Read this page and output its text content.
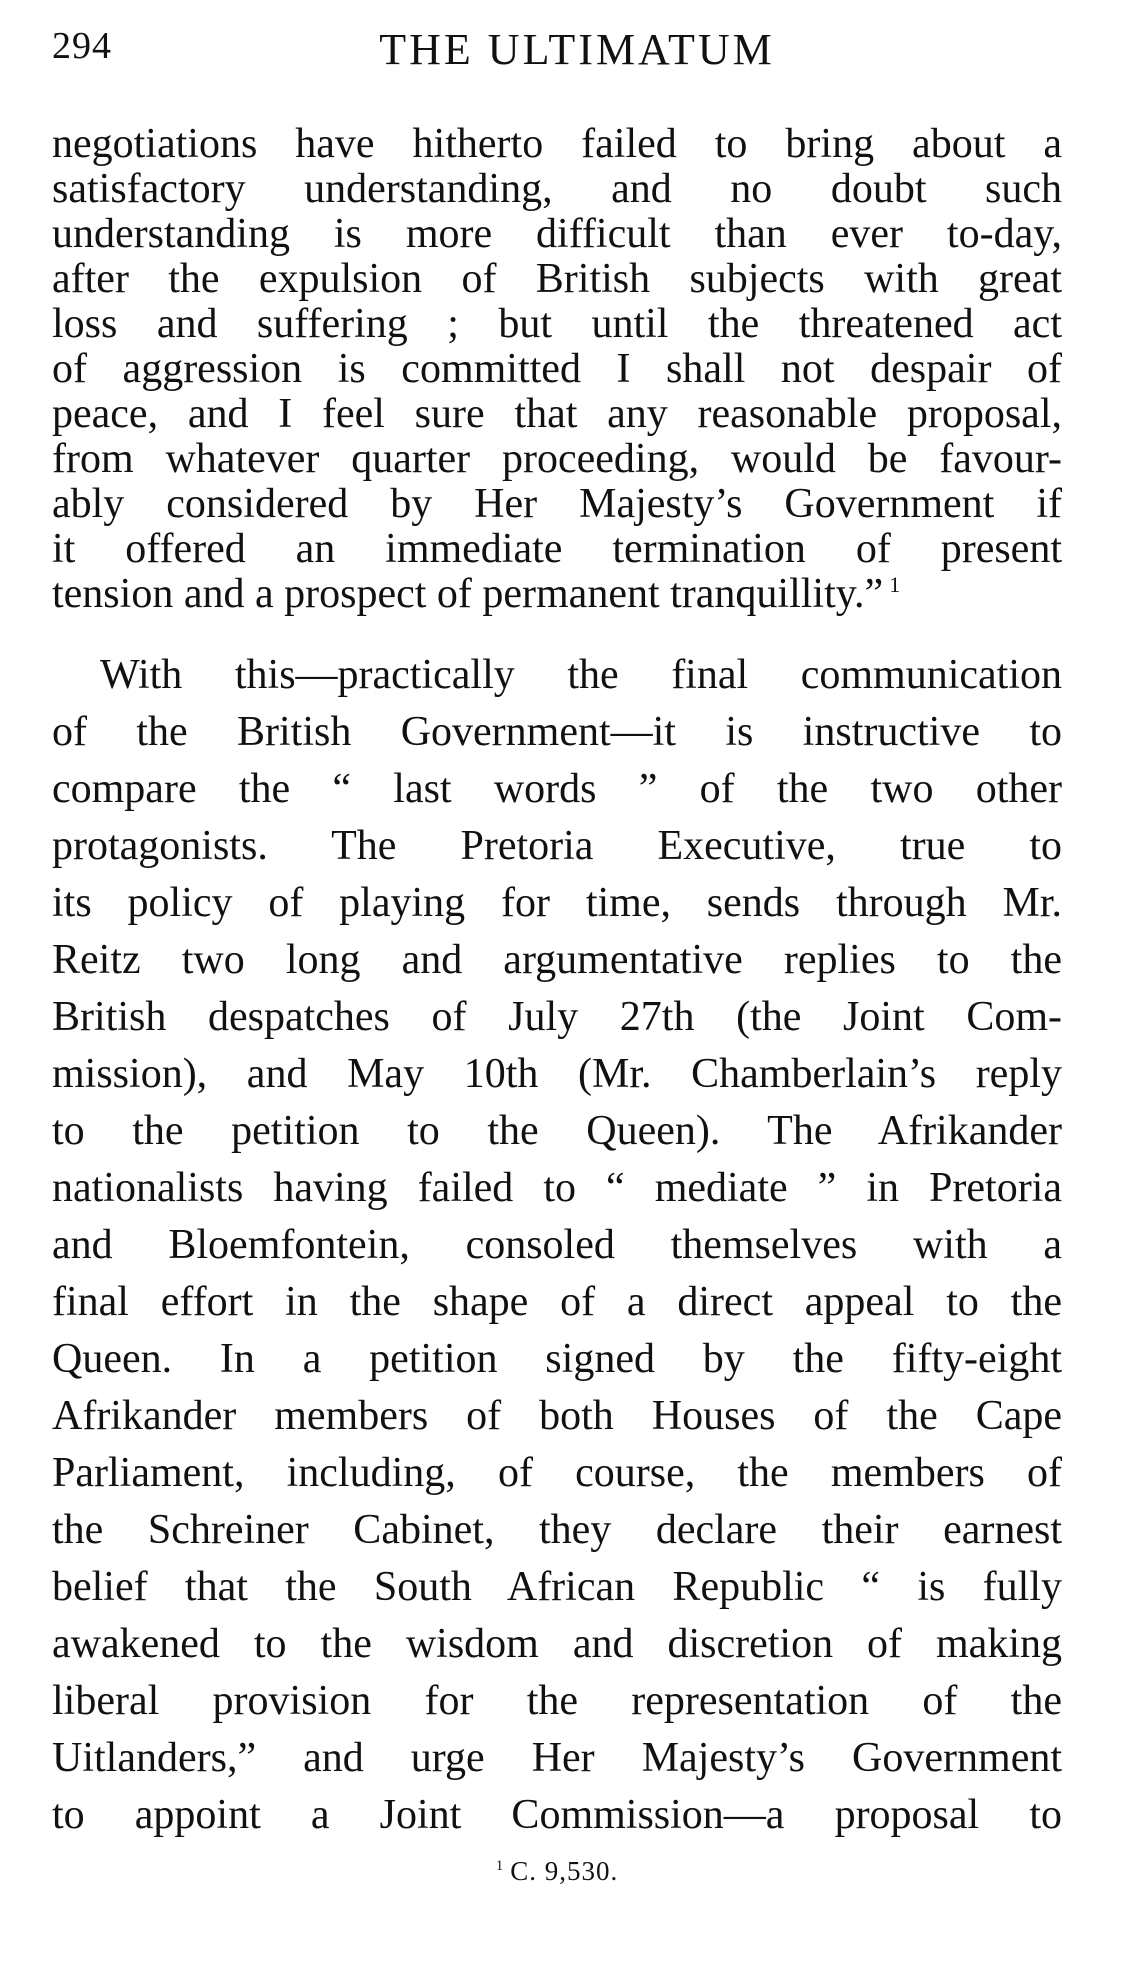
294	THE ULTIMATUM
negotiations have hitherto failed to bring about a
satisfactory understanding, and no doubt such
understanding is more difficult than ever to-day,
after the expulsion of British subjects with great
loss and suffering ; but until the threatened act
of aggression is committed I shall not despair of
peace, and I feel sure that any reasonable proposal,
from whatever quarter proceeding, would be favour-
ably considered by Her Majesty’s Government if
it offered an immediate termination of present
tension and a prospect of permanent tranquillity.” $^1$
With this—practically the final communication
of the British Government—it is instructive to
compare the “ last words ” of the two other
protagonists. The Pretoria Executive, true to
its policy of playing for time, sends through Mr.
Reitz two long and argumentative replies to the
British despatches of July 27th (the Joint Com-
mission), and May 10th (Mr. Chamberlain’s reply
to the petition to the Queen). The Afrikander
nationalists having failed to “ mediate ” in Pretoria
and Bloemfontein, consoled themselves with a
final effort in the shape of a direct appeal to the
Queen. In a petition signed by the fifty-eight
Afrikander members of both Houses of the Cape
Parliament, including, of course, the members of
the Schreiner Cabinet, they declare their earnest
belief that the South African Republic “ is fully
awakened to the wisdom and discretion of making
liberal provision for the representation of the
Uitlanders,” and urge Her Majesty’s Government
to appoint a Joint Commission—a proposal to
$^1$ C. 9,530.
